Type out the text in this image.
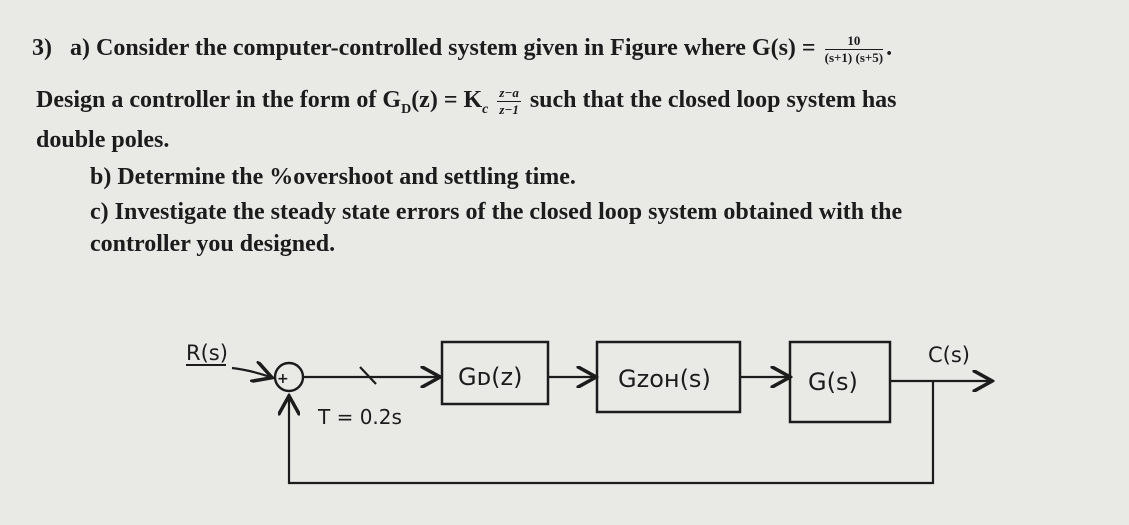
3) a) Consider the computer-controlled system given in Figure where $G(s) = \frac{10}{(s+1) (s+5)}$ .
Design a controller in the form of $G_D(z) = K_c \frac{z-a}{z-1}$ such that the closed loop system has
double poles.
b) Determine the %overshoot and settling time.
c) Investigate the steady state errors of the closed loop system obtained with the
controller you designed.
R(s)
+	Gᴅ(z)	Gᴢᴏʜ(s)	G(s)
C(s)
T = 0.2s
